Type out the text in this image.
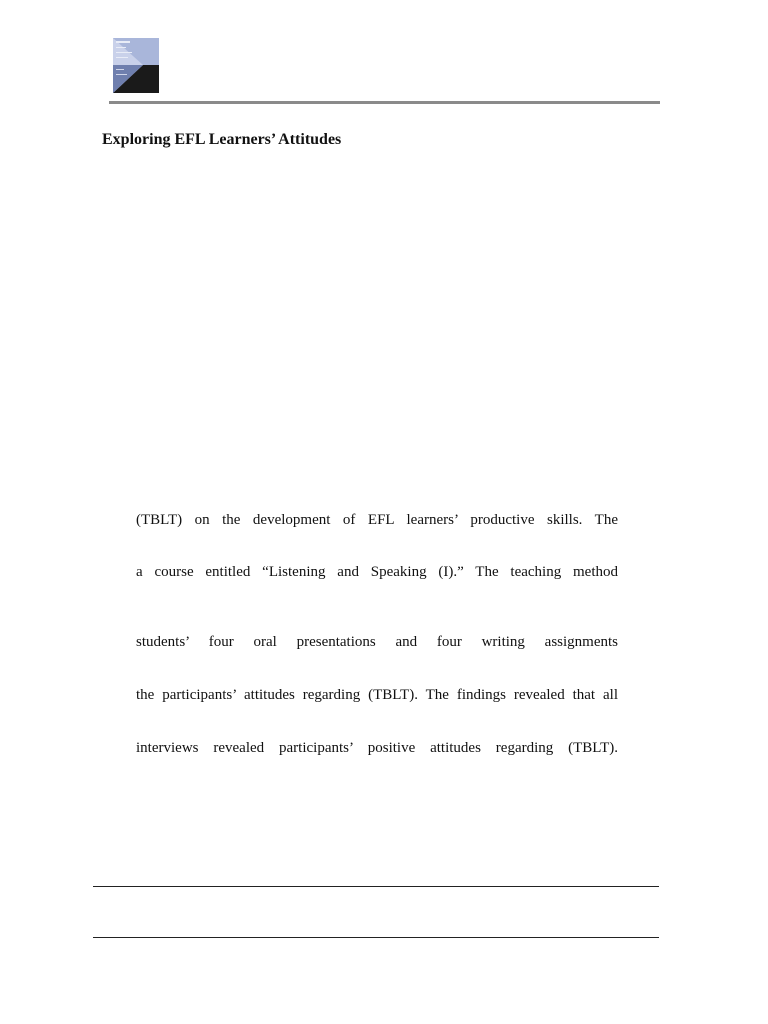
Exploring EFL Learners’ Attitudes

(TBLT) on the development of EFL learners’ productive skills. The

a course entitled “Listening and Speaking (I).” The teaching method

students’ four oral presentations and four writing assignments

the participants’ attitudes regarding (TBLT). The findings revealed that all

interviews revealed participants’ positive attitudes regarding (TBLT).
